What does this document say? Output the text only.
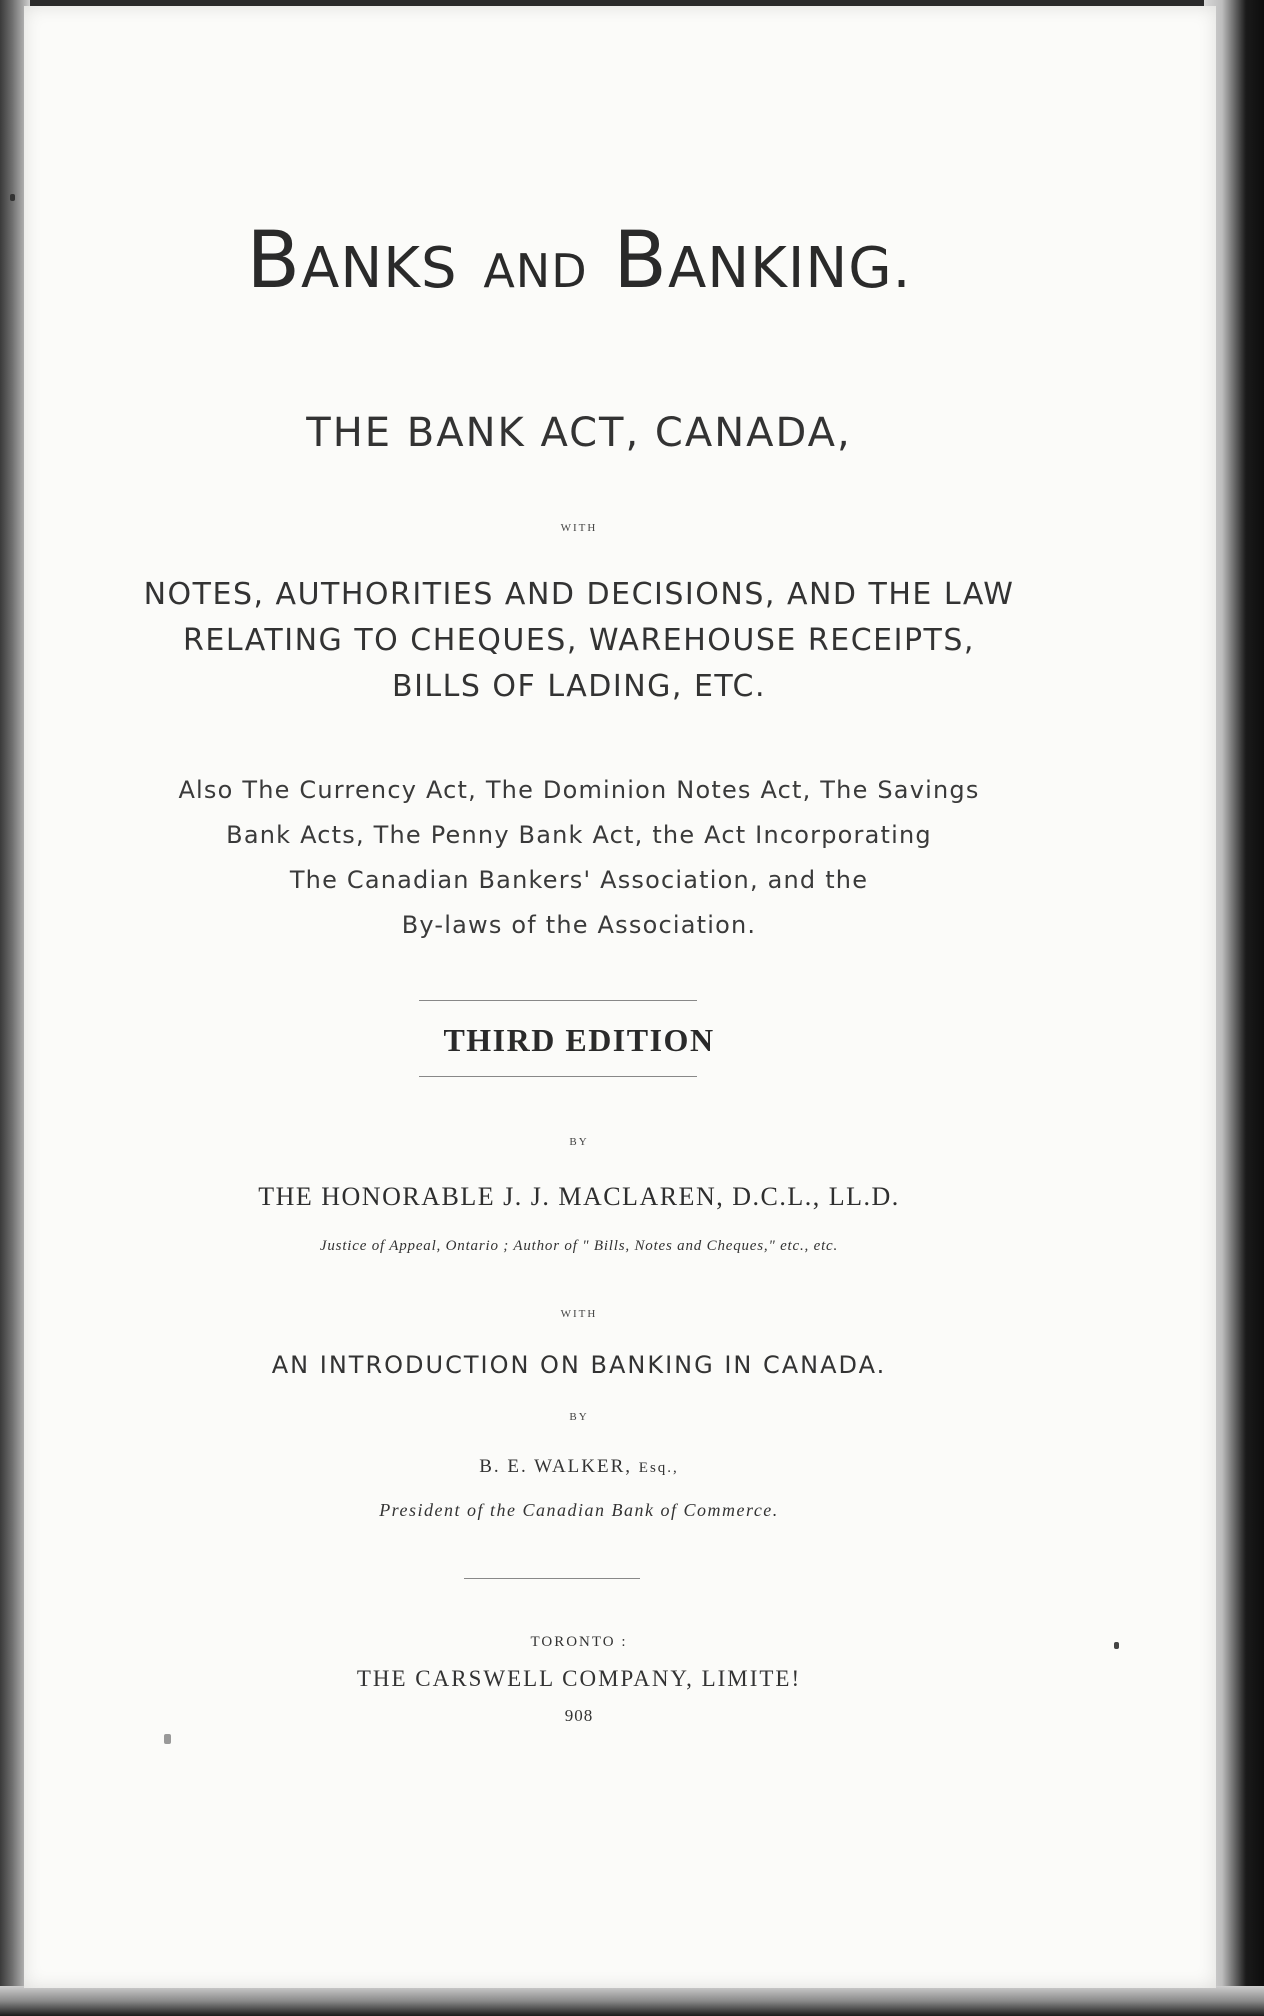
BANKS AND BANKING.
THE BANK ACT, CANADA,
WITH
NOTES, AUTHORITIES AND DECISIONS, AND THE LAW
RELATING TO CHEQUES, WAREHOUSE RECEIPTS,
BILLS OF LADING, ETC.
Also The Currency Act, The Dominion Notes Act, The Savings
Bank Acts, The Penny Bank Act, the Act Incorporating
The Canadian Bankers' Association, and the
By-laws of the Association.
THIRD EDITION
BY
THE HONORABLE J. J. MACLAREN, D.C.L., LL.D.
Justice of Appeal, Ontario ; Author of " Bills, Notes and Cheques," etc., etc.
WITH
AN INTRODUCTION ON BANKING IN CANADA.
BY
B. E. WALKER, Esq.,
President of the Canadian Bank of Commerce.
TORONTO :
THE CARSWELL COMPANY, LIMITE!
908
